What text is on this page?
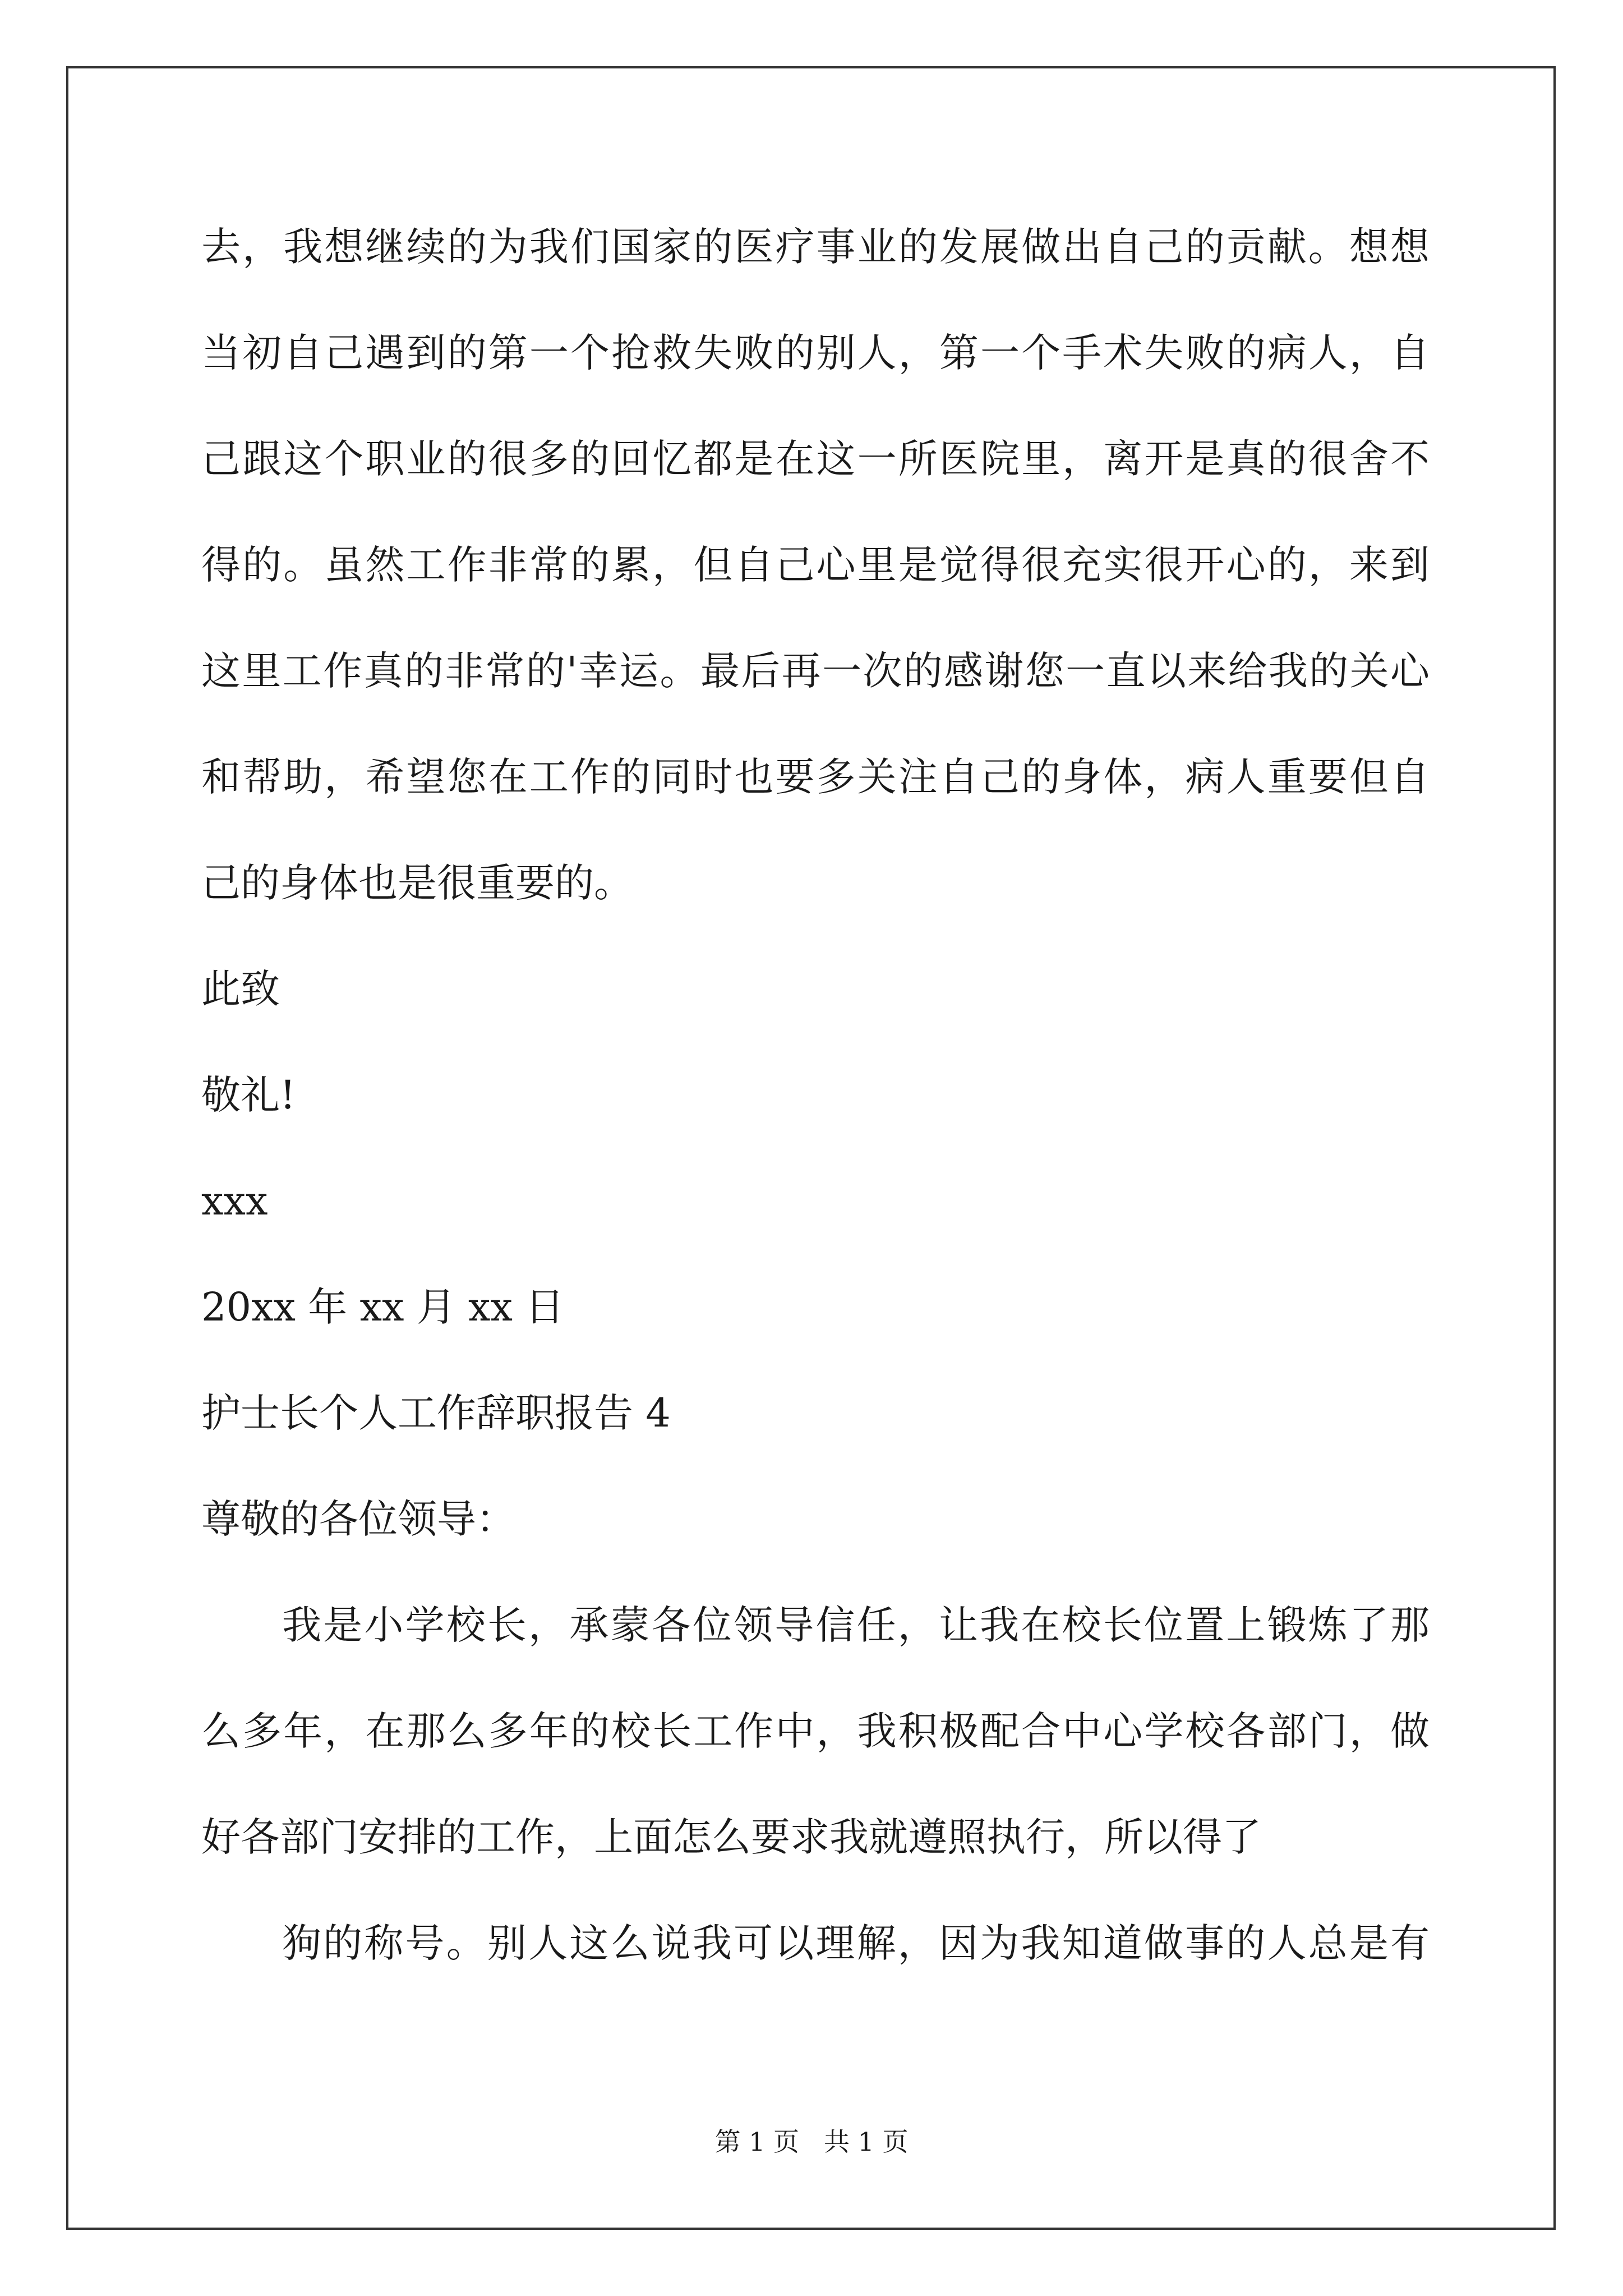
去，我想继续的为我们国家的医疗事业的发展做出自己的贡献。想想
当初自己遇到的第一个抢救失败的别人，第一个手术失败的病人，自
己跟这个职业的很多的回忆都是在这一所医院里，离开是真的很舍不
得的。虽然工作非常的累，但自己心里是觉得很充实很开心的，来到
这里工作真的非常的'幸运。最后再一次的感谢您一直以来给我的关心
和帮助，希望您在工作的同时也要多关注自己的身体，病人重要但自
己的身体也是很重要的。
此致
敬礼!
xxx
20xx 年 xx 月 xx 日
护士长个人工作辞职报告 4
尊敬的各位领导：
我是小学校长，承蒙各位领导信任，让我在校长位置上锻炼了那
么多年，在那么多年的校长工作中，我积极配合中心学校各部门，做
好各部门安排的工作，上面怎么要求我就遵照执行，所以得了
狗的称号。别人这么说我可以理解，因为我知道做事的人总是有
第 1 页 共 1 页
